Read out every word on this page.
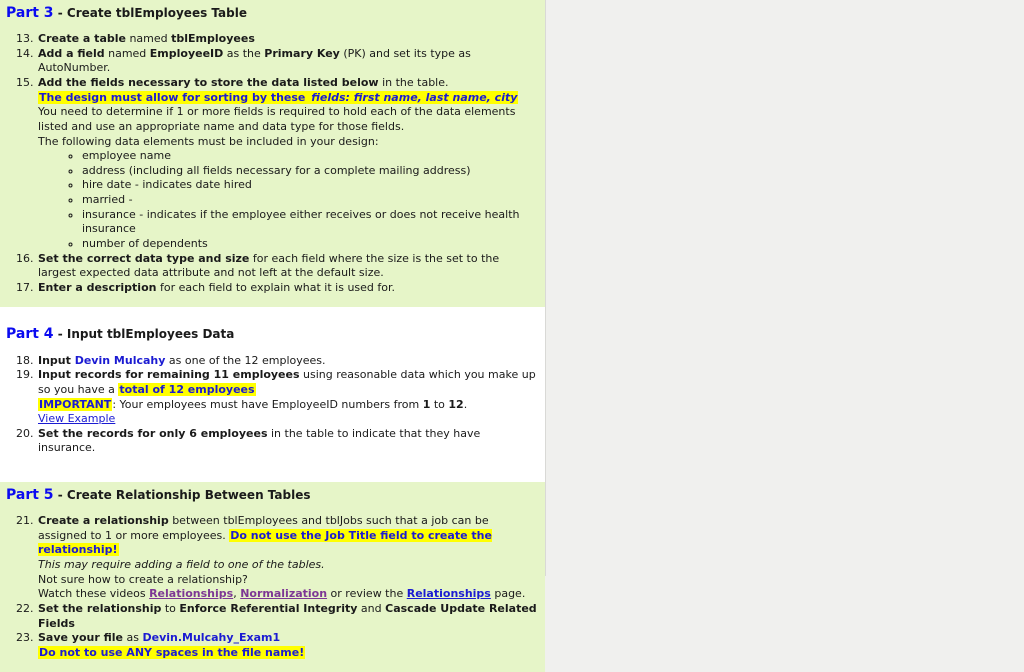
Part 3 - Create tblEmployees Table
13. Create a table named tblEmployees
14. Add a field named EmployeeID as the Primary Key (PK) and set its type as AutoNumber.
15. Add the fields necessary to store the data listed below in the table.
The design must allow for sorting by these fields: first name, last name, city
You need to determine if 1 or more fields is required to hold each of the data elements listed and use an appropriate name and data type for those fields.
The following data elements must be included in your design:
◦ employee name
◦ address (including all fields necessary for a complete mailing address)
◦ hire date - indicates date hired
◦ married -
◦ insurance - indicates if the employee either receives or does not receive health insurance
◦ number of dependents
16. Set the correct data type and size for each field where the size is the set to the largest expected data attribute and not left at the default size.
17. Enter a description for each field to explain what it is used for.
Part 4 - Input tblEmployees Data
18. Input Devin Mulcahy as one of the 12 employees.
19. Input records for remaining 11 employees using reasonable data which you make up so you have a total of 12 employees
IMPORTANT: Your employees must have EmployeeID numbers from 1 to 12.
View Example
20. Set the records for only 6 employees in the table to indicate that they have insurance.
Part 5 - Create Relationship Between Tables
21. Create a relationship between tblEmployees and tblJobs such that a job can be assigned to 1 or more employees. Do not use the Job Title field to create the relationship!
This may require adding a field to one of the tables.
Not sure how to create a relationship?
Watch these videos Relationships, Normalization or review the Relationships page.
22. Set the relationship to Enforce Referential Integrity and Cascade Update Related Fields
23. Save your file as Devin.Mulcahy_Exam1
Do not to use ANY spaces in the file name!
